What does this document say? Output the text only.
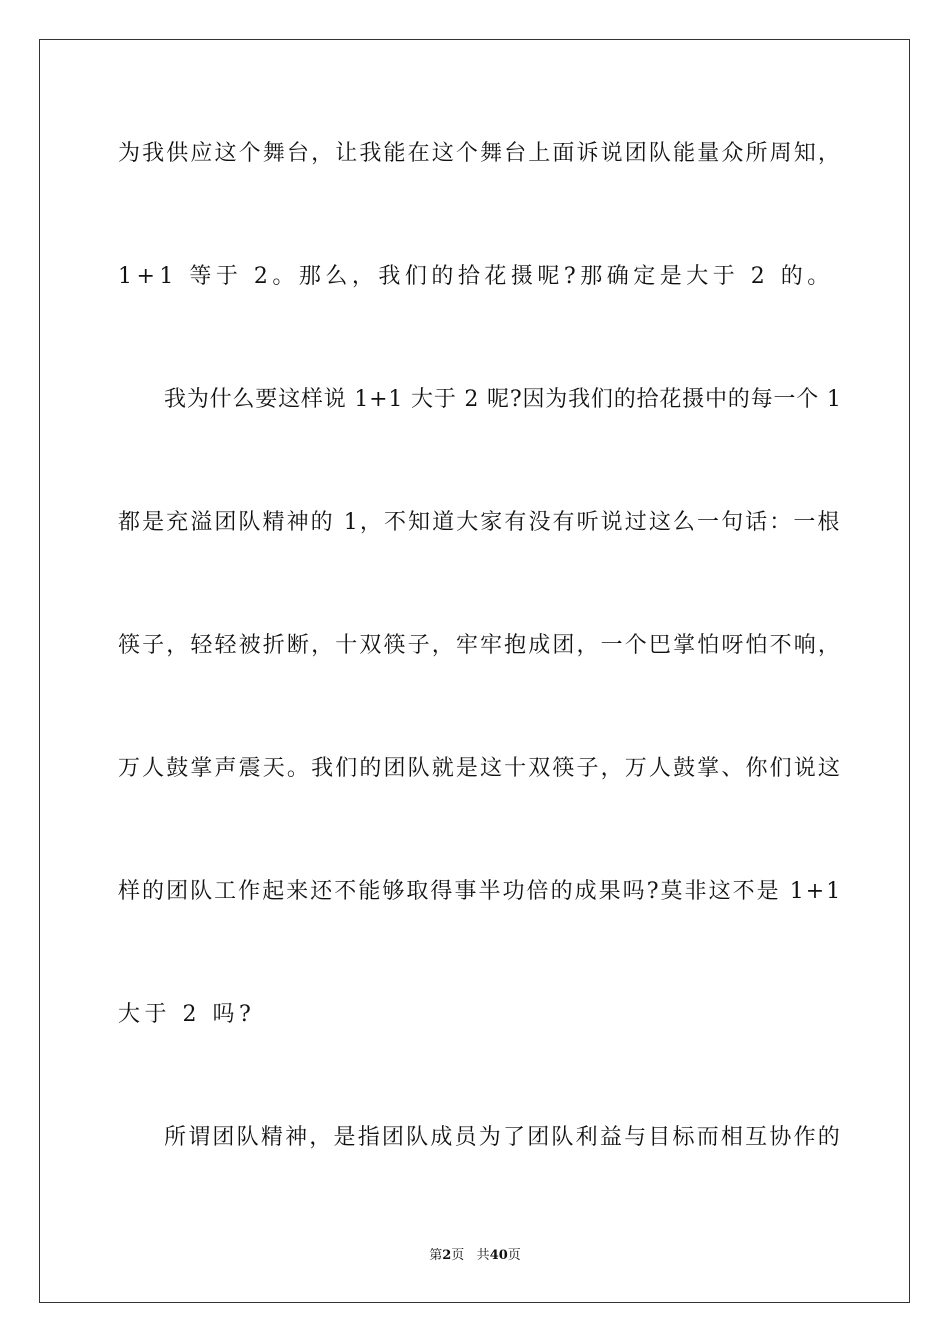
为我供应这个舞台，让我能在这个舞台上面诉说团队能量众所周知，
1+1 等于 2。那么，我们的拾花摄呢?那确定是大于 2 的。
我为什么要这样说 1+1 大于 2 呢?因为我们的拾花摄中的每一个 1
都是充溢团队精神的 1，不知道大家有没有听说过这么一句话：一根
筷子，轻轻被折断，十双筷子，牢牢抱成团，一个巴掌怕呀怕不响，
万人鼓掌声震天。我们的团队就是这十双筷子，万人鼓掌、你们说这
样的团队工作起来还不能够取得事半功倍的成果吗?莫非这不是 1+1
大于 2 吗?
所谓团队精神，是指团队成员为了团队利益与目标而相互协作的
第2页 共40页
